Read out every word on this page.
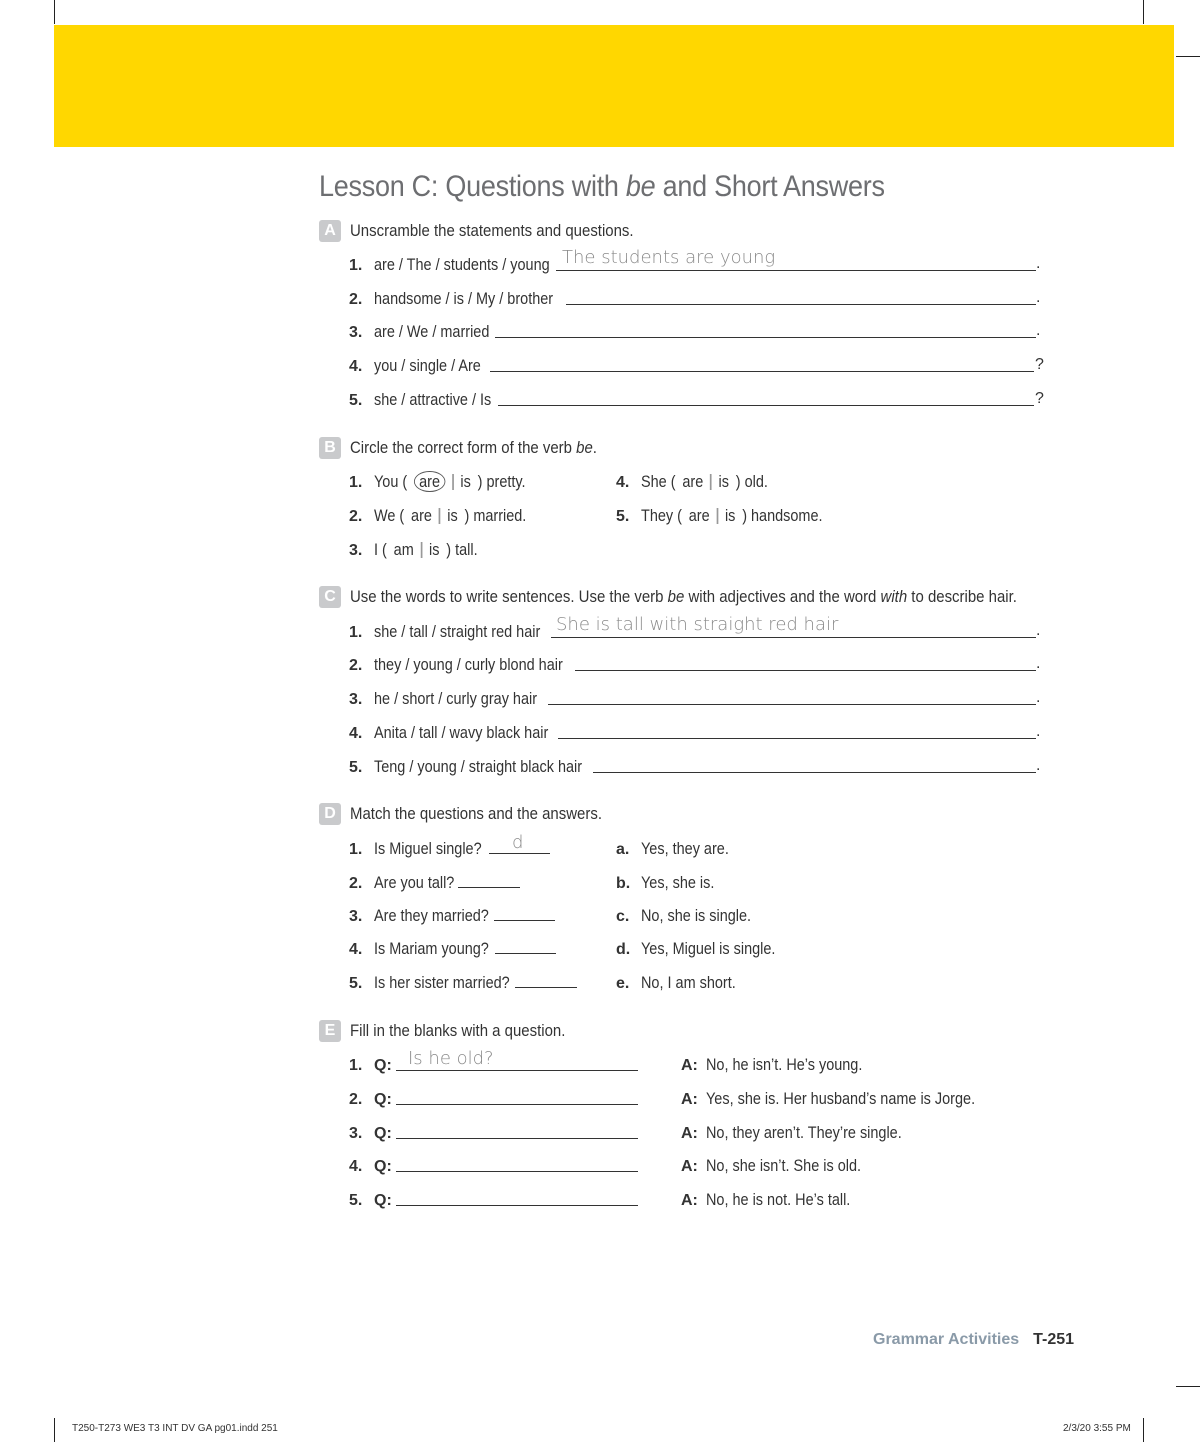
Lesson C: Questions with be and Short Answers
A Unscramble the statements and questions.
1. are / The / students / young The students are young	.
2. handsome / is / My / brother	.
3. are / We / married	.
4. you / single / Are	?
5. she / attractive / Is	?
B Circle the correct form of the verb be.
1. You ( are	is ) pretty.
2. We ( are is ) married.
3. I ( am is ) tall.
4. She ( are is ) old.
5. They ( are is ) handsome.
C Use the words to write sentences. Use the verb be with adjectives and the word with to describe hair.
1. she / tall / straight red hair She is tall with straight red hair	.
2. they / young / curly blond hair	.
3. he / short / curly gray hair	.
4. Anita / tall / wavy black hair	.
5. Teng / young / straight black hair	.
D Match the questions and the answers.
1. Is Miguel single? d
2. Are you tall?
3. Are they married?
4. Is Mariam young?
5. Is her sister married?
a. Yes, they are.
b. Yes, she is.
c. No, she is single.
d. Yes, Miguel is single.
e. No, I am short.
E Fill in the blanks with a question.
1. Q: Is he old?	A: No, he isn’t. He’s young.
2. Q:	A: Yes, she is. Her husband’s name is Jorge.
3. Q:	A: No, they aren’t. They’re single.
4. Q:	A: No, she isn’t. She is old.
5. Q:	A: No, he is not. He’s tall.
Grammar Activities T-251
T250-T273 WE3 T3 INT DV GA pg01.indd 251	2/3/20 3:55 PM
